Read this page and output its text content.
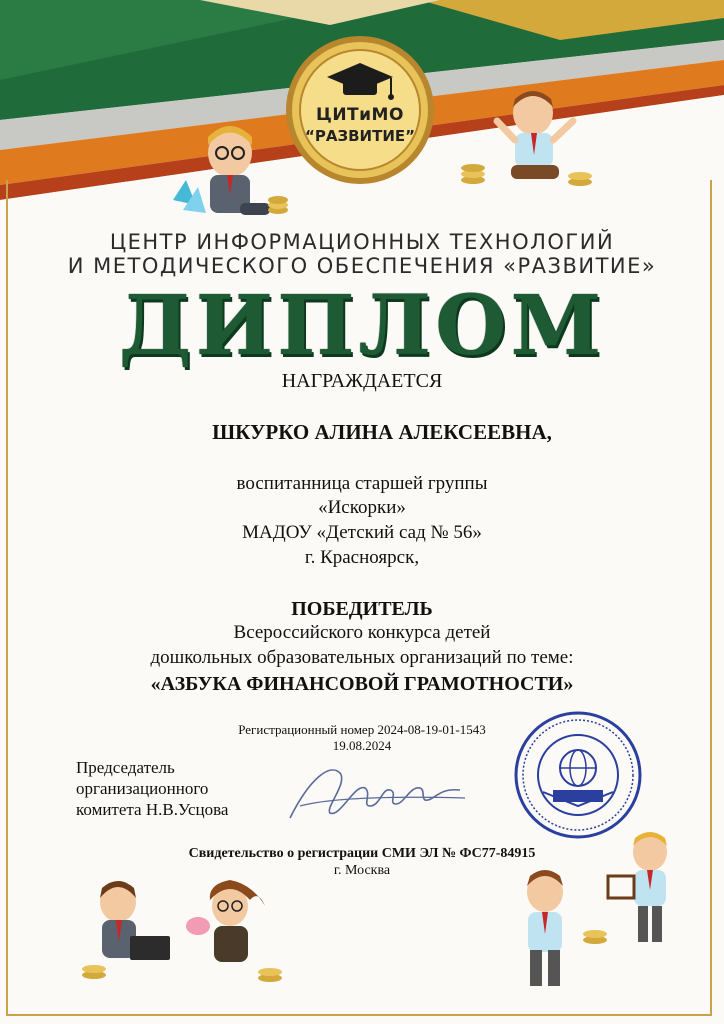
ЦИТиМО
“РАЗВИТИЕ”
ЦЕНТР ИНФОРМАЦИОННЫХ ТЕХНОЛОГИЙ
И МЕТОДИЧЕСКОГО ОБЕСПЕЧЕНИЯ «РАЗВИТИЕ»
ДИПЛОМ
НАГРАЖДАЕТСЯ
ШКУРКО АЛИНА АЛЕКСЕЕВНА,
воспитанница старшей группы
«Искорки»
МАДОУ «Детский сад № 56»
г. Красноярск,
ПОБЕДИТЕЛЬ
Всероссийского конкурса детей
дошкольных образовательных организаций по теме:
«АЗБУКА ФИНАНСОВОЙ ГРАМОТНОСТИ»
Регистрационный номер 2024-08-19-01-1543
19.08.2024
Председатель
организационного
комитета Н.В.Усцова
Свидетельство о регистрации СМИ ЭЛ № ФС77-84915
г. Москва
